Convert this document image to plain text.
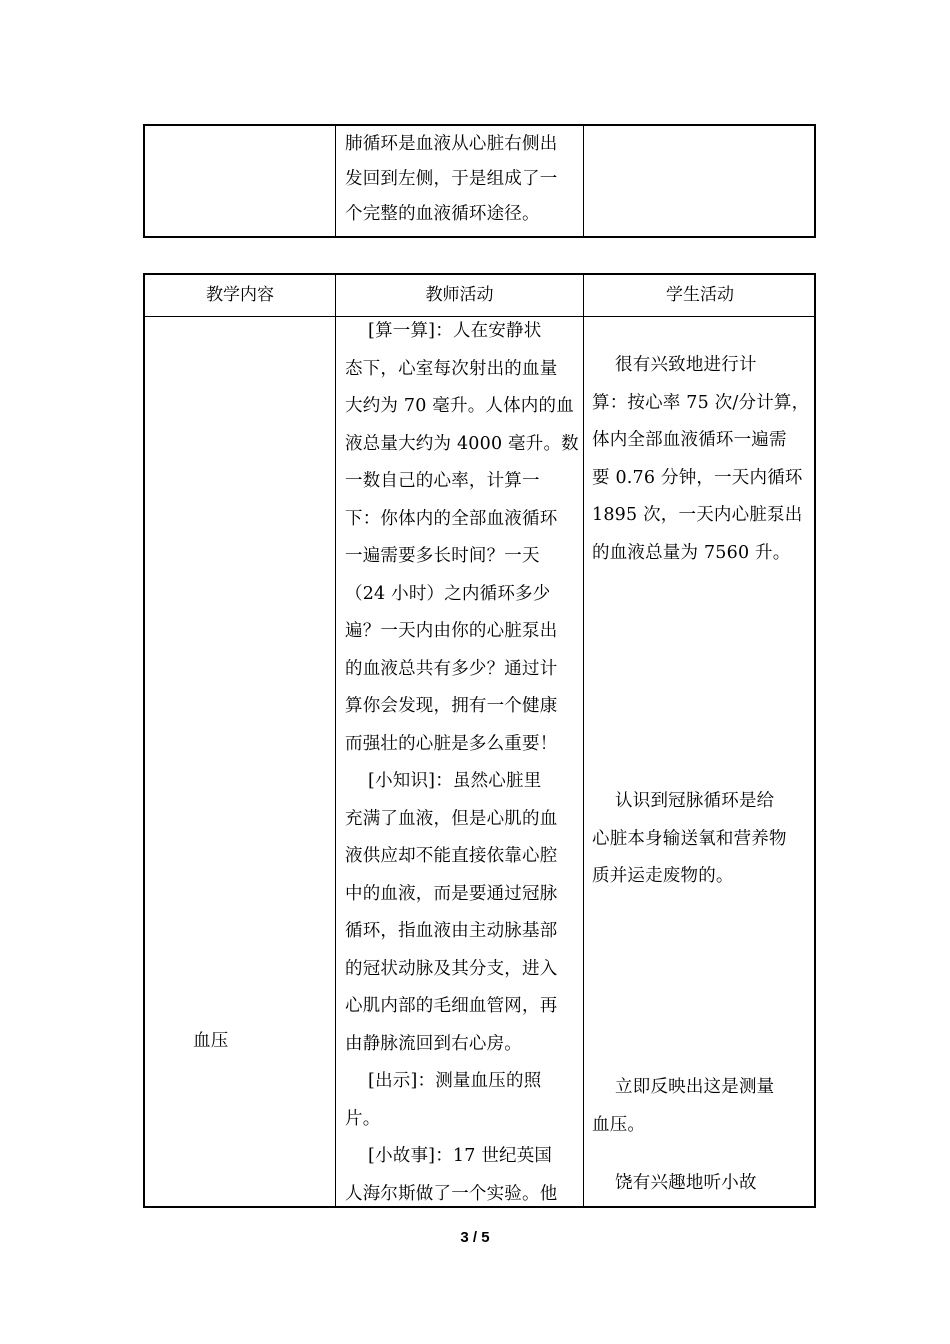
肺循环是血液从心脏右侧出
发回到左侧，于是组成了一
个完整的血液循环途径。
教学内容	教师活动	学生活动
血压
[算一算]：人在安静状
态下，心室每次射出的血量
大约为 70 毫升。人体内的血
液总量大约为 4000 毫升。数
一数自己的心率，计算一
下：你体内的全部血液循环
一遍需要多长时间？一天
（24 小时）之内循环多少
遍？一天内由你的心脏泵出
的血液总共有多少？通过计
算你会发现，拥有一个健康
而强壮的心脏是多么重要！
[小知识]：虽然心脏里
充满了血液，但是心肌的血
液供应却不能直接依靠心腔
中的血液，而是要通过冠脉
循环，指血液由主动脉基部
的冠状动脉及其分支，进入
心肌内部的毛细血管网，再
由静脉流回到右心房。
[出示]：测量血压的照
片。
[小故事]：17 世纪英国
人海尔斯做了一个实验。他
很有兴致地进行计
算：按心率 75 次/分计算，
体内全部血液循环一遍需
要 0.76 分钟，一天内循环
1895 次，一天内心脏泵出
的血液总量为 7560 升。
认识到冠脉循环是给
心脏本身输送氧和营养物
质并运走废物的。
立即反映出这是测量
血压。
饶有兴趣地听小故
3 / 5
